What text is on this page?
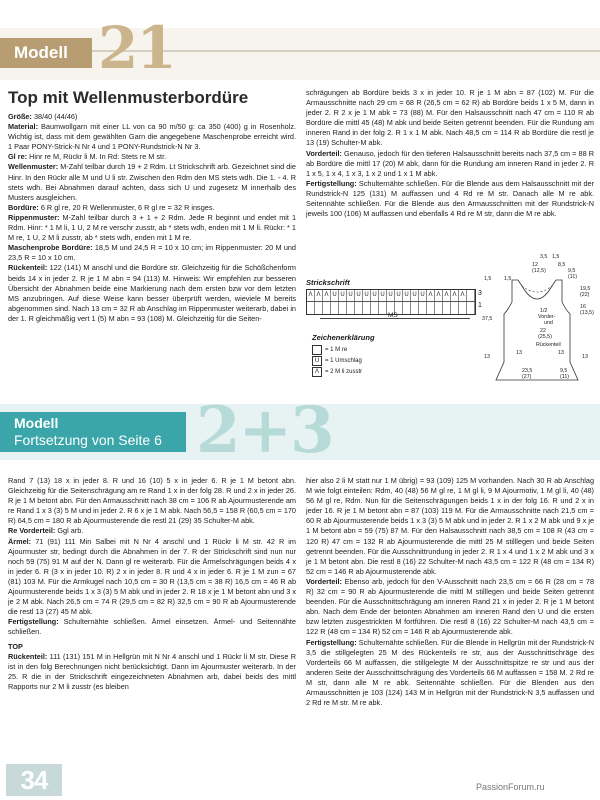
Modell 21
Top mit Wellenmusterbordüre

Größe: 38/40 (44/46)

Material: Baumwollgarn mit einer LL von ca 90 m/50 g: ca 350 (400) g in Rosenholz. Wichtig ist, dass mit dem gewählten Garn die angegebene Maschenprobe erreicht wird. 1 Paar PONY-Strick-N Nr 4 und 1 PONY-Rundstrick-N Nr 3.

Gl re: Hinr re M, Rückr li M. In Rd: Stets re M str.

Wellenmuster: M-Zahl teilbar durch 19 + 2 Rdm. Lt Strickschrift arb. Gezeichnet sind die Hinr. In den Rückr alle M und U li str. Zwischen den Rdm den MS stets wdh. Die 1. - 4. R stets wdh. Bei Abnahmen darauf achten, dass sich U und zugesetz M innerhalb des Musters ausgleichen.

Bordüre: 6 R gl re, 20 R Wellenmuster, 6 R gl re = 32 R insges.

Rippenmuster: M-Zahl teilbar durch 3 + 1 + 2 Rdm. Jede R beginnt und endet mit 1 Rdm. Hinr: * 1 M li, 1 U, 2 M re verschr zusstr, ab * stets wdh, enden mit 1 M li. Rückr: * 1 M re, 1 U, 2 M li zusstr, ab * stets wdh, enden mit 1 M re.

Maschenprobe Bordüre: 18,5 M und 24,5 R = 10 x 10 cm; im Rippenmuster: 20 M und 23,5 R = 10 x 10 cm.

Rückenteil: 122 (141) M anschl und die Bordüre str. Gleichzeitig für die Schößchenform beids 14 x in jeder 2. R je 1 M abn = 94 (113) M. Hinweis: Wir empfehlen zur besseren Übersicht der Abnahmen beide eine Markierung nach dem ersten bzw vor dem letzten MS anzubringen. Auf diese Weise kann besser überprüft werden, wieviele M bereits abgenommen sind. Nach 13 cm = 32 R ab Anschlag im Rippenmuster weiterarb, dabei in der 1. R gleichmäßig vert 1 (5) M abn = 93 (108) M. Gleichzeitig für die Seiten-

schrägungen ab Bordüre beids 3 x in jeder 10. R je 1 M abn = 87 (102) M. Für die Armausschnitte nach 29 cm = 68 R (26,5 cm = 62 R) ab Bordüre beids 1 x 5 M, dann in jeder 2. R 2 x je 1 M abk = 73 (88) M. Für den Halsausschnitt nach 47 cm = 110 R ab Bordüre die mittl 45 (48) M abk und beide Seiten getrennt beenden. Für die Rundung am inneren Rand in der folg 2. R 1 x 1 M abk. Nach 48,5 cm = 114 R ab Bordüre die restl je 13 (19) Schulter-M abk.

Vorderteil: Genauso, jedoch für den tieferen Halsausschnitt bereits nach 37,5 cm = 88 R ab Bordüre die mittl 17 (20) M abk, dann für die Rundung am inneren Rand in jeder 2. R 1 x 5, 1 x 4, 1 x 3, 1 x 2 und 1 x 1 M abk.

Fertigstellung: Schulternähte schließen. Für die Blende aus dem Halsausschnitt mit der Rundstrick-N 125 (131) M auffassen und 4 Rd re M str. Danach alle M re abk. Seitennähte schließen. Für die Blende aus den Armausschnitten mit der Rundstrick-N jeweils 100 (106) M auffassen und ebenfalls 4 Rd re M str, dann die M re abk.

Strickschrift
Λ Λ Λ U U U U U U U U U U U U Λ Λ Λ Λ Λ	3
1
MS
Zeichenerklärung
= 1 M re
U = 1 Umschlag
Λ	= 2 M li zusstr
3,5 1,5
12
(12,5)
8,5
9,5
(11)
1,5 1,5
19,5
(22)
16
(13,5)
37,5
1/2
Vorder-
und
22
(25,5)
Rückenteil
13	13
23,5
(27)
9,5
(11)
13	13
Modell
Fortsetzung von Seite 6 2+3

Rand 7 (13) 18 x in jeder 8. R und 16 (10) 5 x in jeder 6. R je 1 M betont abn. Gleichzeitig für die Seitenschrägung am re Rand 1 x in der folg 28. R und 2 x in jeder 26. R je 1 M betont abn. Für den Armausschnitt nach 38 cm = 106 R ab Ajourmusterende am re Rand 1 x 3 (3) 5 M und in jeder 2. R 6 x je 1 M abk. Nach 56,5 = 158 R (60,5 cm = 170 R) 64,5 cm = 180 R ab Ajourmusterende die restl 21 (29) 35 Schulter-M abk.

Re Vorderteil: Ggl arb.

Ärmel: 71 (91) 111 Min Salbei mit N Nr 4 anschl und 1 Rückr li M str. 42 R im Ajourmuster str, bedingt durch die Abnahmen in der 7. R der Strickschrift sind nun nur noch 59 (75) 91 M auf der N. Dann gl re weiterarb. Für die Ärmelschrägungen beids 4 x in jeder 6. R (3 x in jeder 10. R) 2 x in jeder 8. R und 4 x in jeder 6. R je 1 M zun = 67 (81) 103 M. Für die Armkugel nach 10,5 cm = 30 R (13,5 cm = 38 R) 16,5 cm = 46 R ab Ajourmusterende beids 1 x 3 (3) 5 M abk und in jeder 2. R 18 x je 1 M betont abn und 3 x je 2 M abk. Nach 26,5 cm = 74 R (29,5 cm = 82 R) 32,5 cm = 90 R ab Ajourmusterende die restl 13 (27) 45 M abk.

Fertigstellung: Schulternähte schließen. Ärmel einsetzen. Ärmel- und Seitennähte schließen.

TOP

Rückenteil: 111 (131) 151 M in Hellgrün mit N Nr 4 anschl und 1 Rückr li M str. Diese R ist in den folg Berechnungen nicht berücksichtigt. Dann im Ajourmuster weiterarb. In der 25. R die in der Strickschrift eingezeichneten Abnahmen arb, dabei beids des mittl Rapports nur 2 M li zusstr (es bleiben

hier also 2 li M statt nur 1 M übrig) = 93 (109) 125 M vorhanden. Nach 30 R ab Anschlag M wie folgt einteilen: Rdm, 40 (48) 56 M gl re, 1 M gl li, 9 M Ajourmotiv, 1 M gl li, 40 (48) 56 M gl re, Rdm. Nun für die Seitenschrägungen beids 1 x in der folg 16. R und 2 x in jeder 16. R je 1 M betont abn = 87 (103) 119 M. Für die Armausschnitte nach 21,5 cm = 60 R ab Ajourmusterende beids 1 x 3 (3) 5 M abk und in jeder 2. R 1 x 2 M abk und 9 x je 1 M betont abn = 59 (75) 87 M. Für den Halsausschnitt nach 38,5 cm = 108 R (43 cm = 120 R) 47 cm = 132 R ab Ajourmusterende die mittl 25 M stilllegen und beide Seiten getrennt beenden. Für die Ausschnittrundung in jeder 2. R 1 x 4 und 1 x 2 M abk und 3 x je 1 M betont abn. Die restl 8 (16) 22 Schulter-M nach 43,5 cm = 122 R (48 cm = 134 R) 52 cm = 146 R ab Ajourmusterende abk.

Vorderteil: Ebenso arb, jedoch für den V-Ausschnitt nach 23,5 cm = 66 R (28 cm = 78 R) 32 cm = 90 R ab Ajourmusterende die mittl M stilllegen und beide Seiten getrennt beenden. Für die Ausschnittschrägung am inneren Rand 21 x in jeder 2. R je 1 M betont abn. Nach dem Ende der betonten Abnahmen am inneren Rand den U und die ersten bzw letzten zusgestrickten M fortführen. Die restl 8 (16) 22 Schulter-M nach 43,5 cm = 122 R (48 cm = 134 R) 52 cm = 146 R ab Ajourmusterende abk.

Fertigstellung: Schulternähte schließen. Für die Blende in Hellgrün mit der Rundstrick-N 3,5 die stillgelegten 25 M des Rückenteils re str, aus der Ausschnittschräge des Vorderteils 66 M auffassen, die stillgelegte M der Ausschnittspitze re str und aus der anderen Seite der Ausschnittschrägung des Vorderteils 66 M auffassen = 158 M. 2 Rd re M str, dann alle M re abk. Seitennähte schließen. Für die Blenden aus den Armausschnitten je 103 (124) 143 M in Hellgrün mit der Rundstrick-N 3,5 auffassen und 2 Rd re M str. M re abk.

34	PassionForum.ru
